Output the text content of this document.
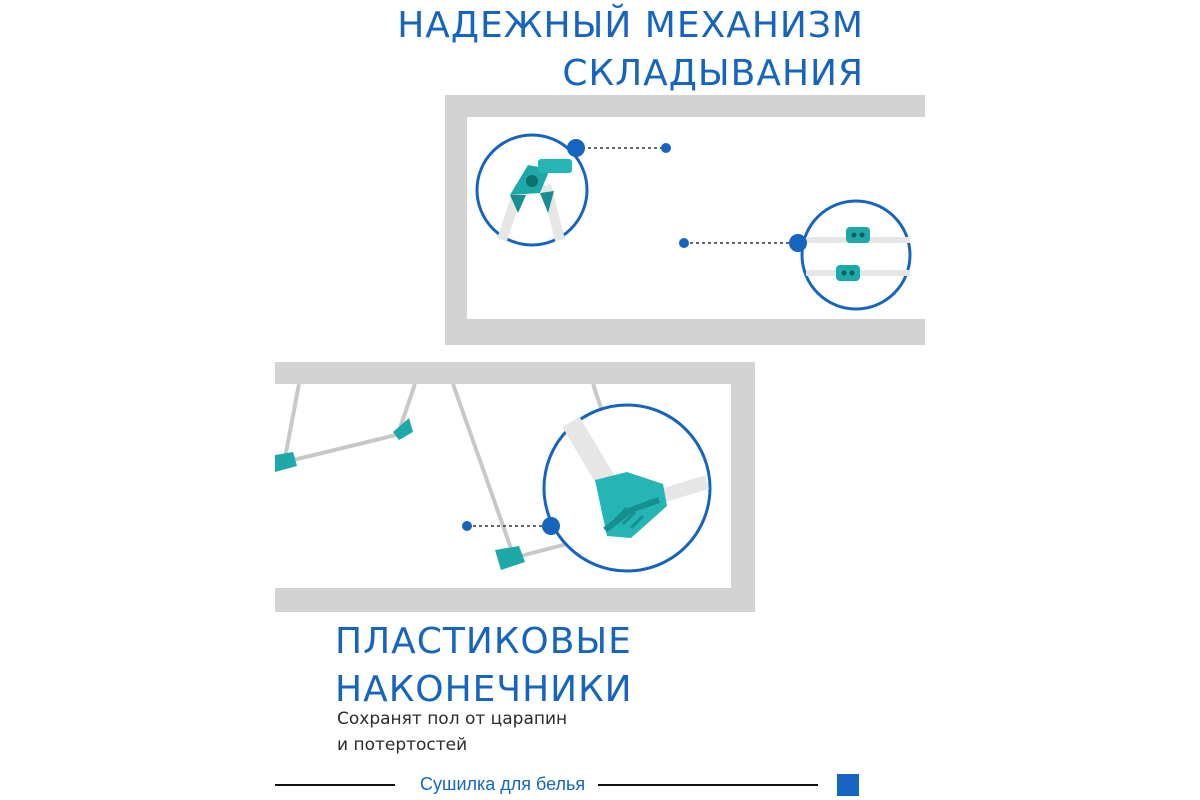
НАДЕЖНЫЙ МЕХАНИЗМ
СКЛАДЫВАНИЯ
ПЛАСТИКОВЫЕ
НАКОНЕЧНИКИ
Сохранят пол от царапин
и потертостей
Сушилка для белья
